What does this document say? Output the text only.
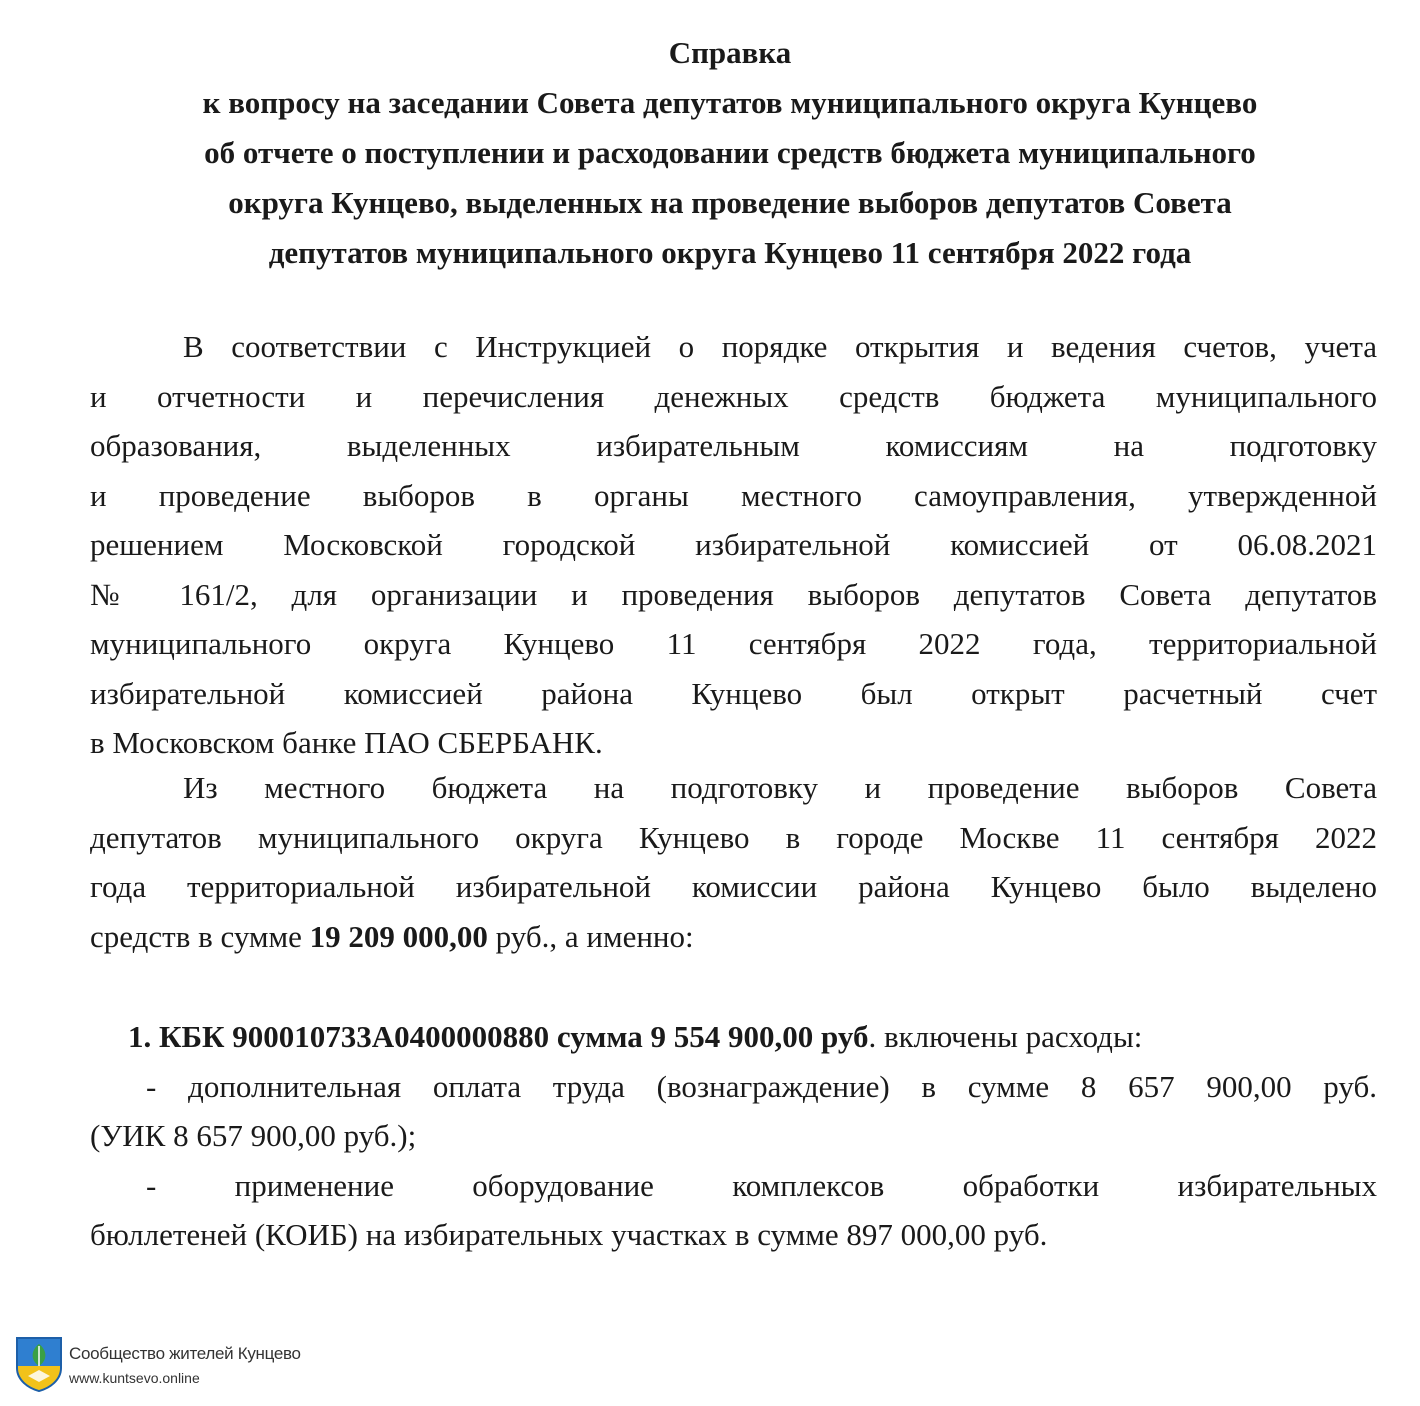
Справка
к вопросу на заседании Совета депутатов муниципального округа Кунцево
об отчете о поступлении и расходовании средств бюджета муниципального
округа Кунцево, выделенных на проведение выборов депутатов Совета
депутатов муниципального округа Кунцево 11 сентября 2022 года
В соответствии с Инструкцией о порядке открытия и ведения счетов, учета
и отчетности и перечисления денежных средств бюджета муниципального
образования, выделенных избирательным комиссиям на подготовку
и проведение выборов в органы местного самоуправления, утвержденной
решением Московской городской избирательной комиссией от 06.08.2021
№ 161/2, для организации и проведения выборов депутатов Совета депутатов
муниципального округа Кунцево 11 сентября 2022 года, территориальной
избирательной комиссией района Кунцево был открыт расчетный счет
в Московском банке ПАО СБЕРБАНК.
Из местного бюджета на подготовку и проведение выборов Совета
депутатов муниципального округа Кунцево в городе Москве 11 сентября 2022
года территориальной избирательной комиссии района Кунцево было выделено
средств в сумме 19 209 000,00 руб., а именно:
1. КБК 900010733А0400000880 сумма 9 554 900,00 руб. включены расходы:
- дополнительная оплата труда (вознаграждение) в сумме 8 657 900,00 руб.
(УИК 8 657 900,00 руб.);
- применение оборудование комплексов обработки избирательных
бюллетеней (КОИБ) на избирательных участках в сумме 897 000,00 руб.
Сообщество жителей Кунцево
www.kuntsevo.online
